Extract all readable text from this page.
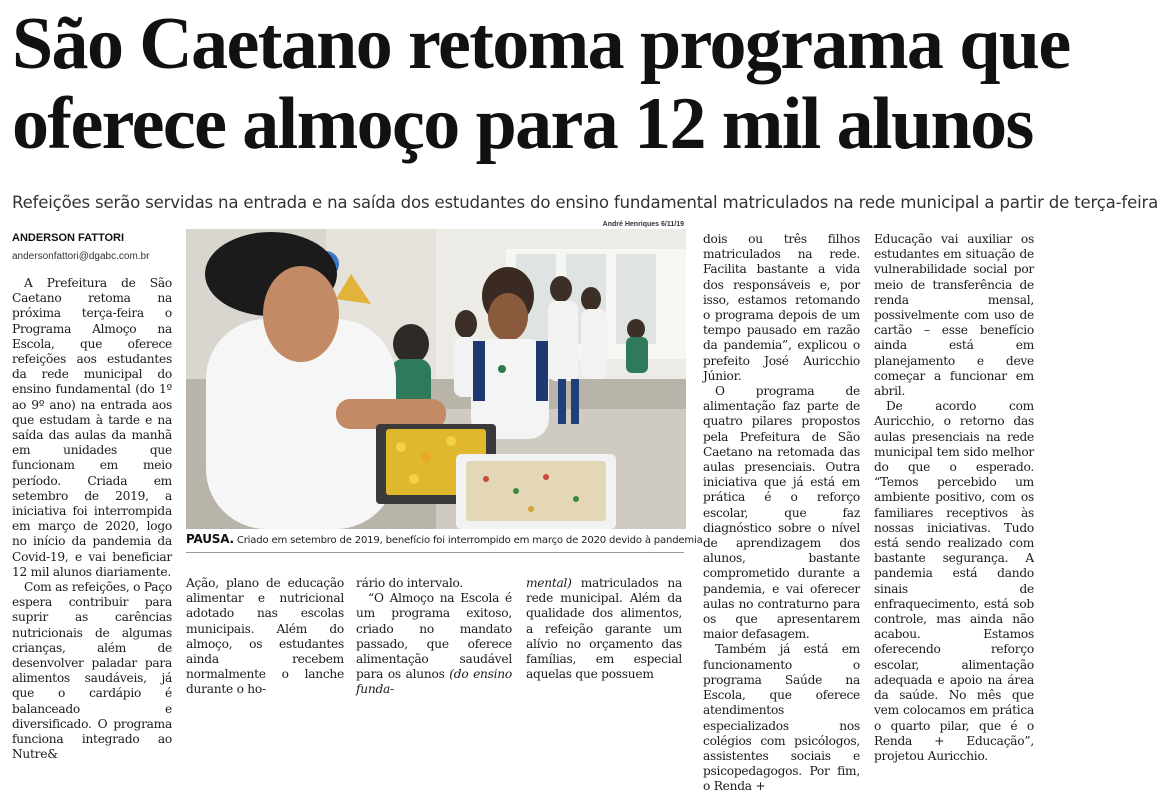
São Caetano retoma programa que
oferece almoço para 12 mil alunos
Refeições serão servidas na entrada e na saída dos estudantes do ensino fundamental matriculados na rede municipal a partir de terça-feira
ANDERSON FATTORI
andersonfattori@dgabc.com.br

A Prefeitura de São Caetano retoma na próxima terça-feira o Programa Almoço na Escola, que oferece refeições aos estudantes da rede municipal do ensino fundamental (do 1º ao 9º ano) na entrada aos que estudam à tarde e na saída das aulas da manhã em unidades que funcionam em meio período. Criada em setembro de 2019, a iniciativa foi interrompida em março de 2020, logo no início da pandemia da Covid-19, e vai beneficiar 12 mil alunos diariamente.

Com as refeições, o Paço espera contribuir para suprir as carências nutricionais de algumas crianças, além de desenvolver paladar para alimentos saudáveis, já que o cardápio é balanceado e diversificado. O programa funciona integrado ao Nutre&

André Henriques 6/11/19
PAUSA. Criado em setembro de 2019, benefício foi interrompido em março de 2020 devido à pandemia

Ação, plano de educação alimentar e nutricional adotado nas escolas municipais. Além do almoço, os estudantes ainda recebem normalmente o lanche durante o ho-

rário do intervalo.

“O Almoço na Escola é um programa exitoso, criado no mandato passado, que oferece alimentação saudável para os alunos (do ensino funda-

mental) matriculados na rede municipal. Além da qualidade dos alimentos, a refeição garante um alívio no orçamento das famílias, em especial aquelas que possuem

dois ou três filhos matriculados na rede. Facilita bastante a vida dos responsáveis e, por isso, estamos retomando o programa depois de um tempo pausado em razão da pandemia”, explicou o prefeito José Auricchio Júnior.

O programa de alimentação faz parte de quatro pilares propostos pela Prefeitura de São Caetano na retomada das aulas presenciais. Outra iniciativa que já está em prática é o reforço escolar, que faz diagnóstico sobre o nível de aprendizagem dos alunos, bastante comprometido durante a pandemia, e vai oferecer aulas no contraturno para os que apresentarem maior defasagem.

Também já está em funcionamento o programa Saúde na Escola, que oferece atendimentos especializados nos colégios com psicólogos, assistentes sociais e psicopedagogos. Por fim, o Renda +

Educação vai auxiliar os estudantes em situação de vulnerabilidade social por meio de transferência de renda mensal, possivelmente com uso de cartão – esse benefício ainda está em planejamento e deve começar a funcionar em abril.

De acordo com Auricchio, o retorno das aulas presenciais na rede municipal tem sido melhor do que o esperado. “Temos percebido um ambiente positivo, com os familiares receptivos às nossas iniciativas. Tudo está sendo realizado com bastante segurança. A pandemia está dando sinais de enfraquecimento, está sob controle, mas ainda não acabou. Estamos oferecendo reforço escolar, alimentação adequada e apoio na área da saúde. No mês que vem colocamos em prática o quarto pilar, que é o Renda + Educação”, projetou Auricchio.
